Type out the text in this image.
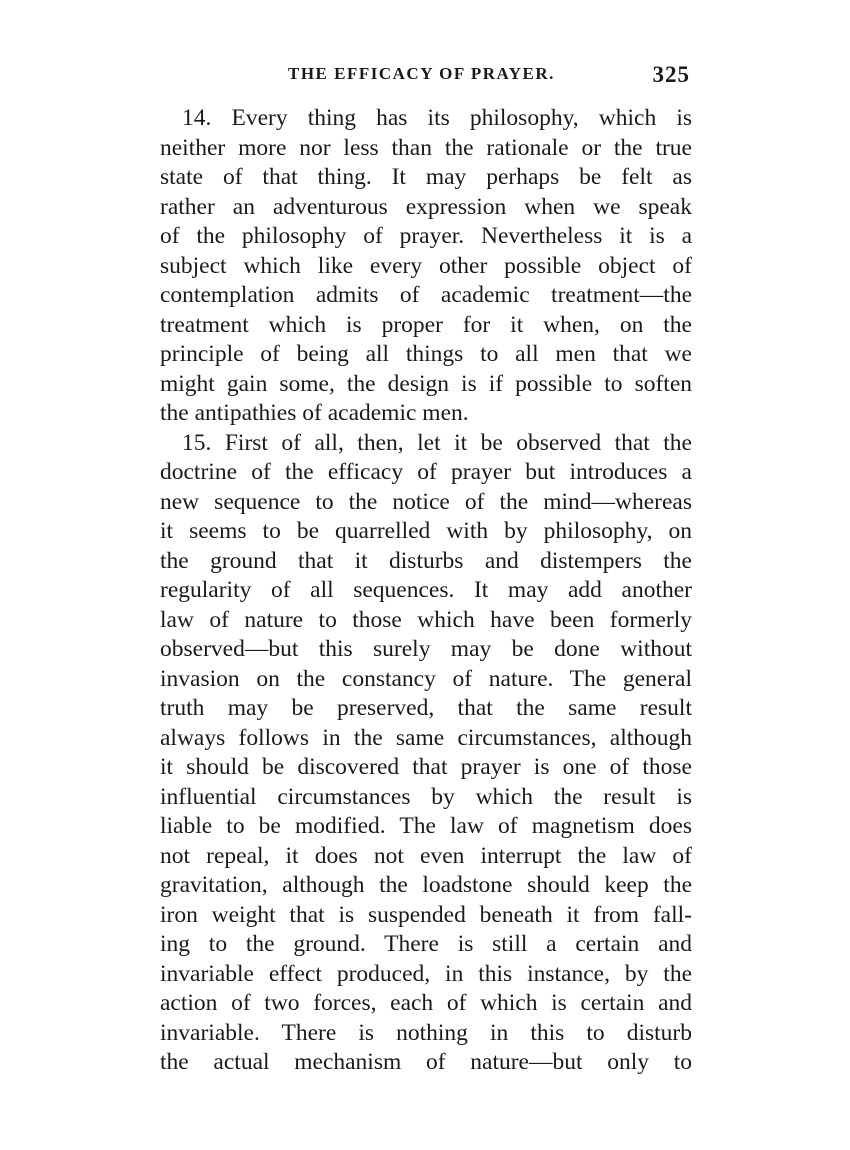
THE EFFICACY OF PRAYER.	325
14. Every thing has its philosophy, which is
neither more nor less than the rationale or the true
state of that thing. It may perhaps be felt as
rather an adventurous expression when we speak
of the philosophy of prayer. Nevertheless it is a
subject which like every other possible object of
contemplation admits of academic treatment—the
treatment which is proper for it when, on the
principle of being all things to all men that we
might gain some, the design is if possible to soften
the antipathies of academic men.
15. First of all, then, let it be observed that the
doctrine of the efficacy of prayer but introduces a
new sequence to the notice of the mind—whereas
it seems to be quarrelled with by philosophy, on
the ground that it disturbs and distempers the
regularity of all sequences. It may add another
law of nature to those which have been formerly
observed—but this surely may be done without
invasion on the constancy of nature. The general
truth may be preserved, that the same result
always follows in the same circumstances, although
it should be discovered that prayer is one of those
influential circumstances by which the result is
liable to be modified. The law of magnetism does
not repeal, it does not even interrupt the law of
gravitation, although the loadstone should keep the
iron weight that is suspended beneath it from fall-
ing to the ground. There is still a certain and
invariable effect produced, in this instance, by the
action of two forces, each of which is certain and
invariable. There is nothing in this to disturb
the actual mechanism of nature—but only to
